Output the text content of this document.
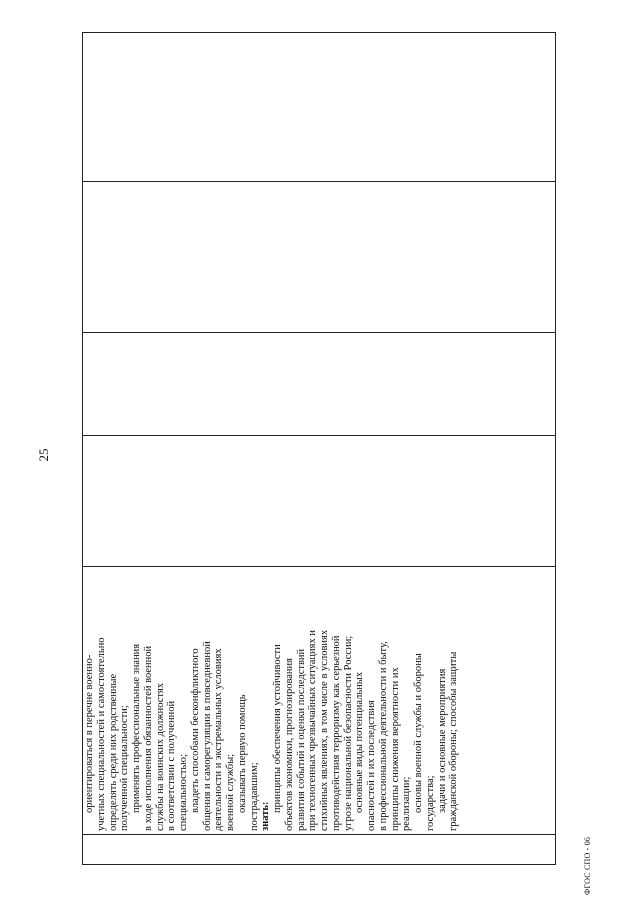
25

ориентироваться в перечне военно- учетных специальностей и самостоятельно определять среди них родственные полученной специальности; применять профессиональные знания в ходе исполнения обязанностей военной службы на воинских должностях в соответствии с полученной специальностью; владеть способами бесконфликтного общения и саморегуляции в повседневной деятельности и экстремальных условиях военной службы; оказывать первую помощь пострадавшим; знать:
принципы обеспечения устойчивости объектов экономики, прогнозирования развития событий и оценки последствий при техногенных чрезвычайных ситуациях и стихийных явлениях, в том числе в условиях противодействия терроризму как серьезной угрозе национальной безопасности России; основные виды потенциальных опасностей и их последствия в профессиональной деятельности и быту, принципы снижения вероятности их реализации; основы военной службы и обороны государства; задачи и основные мероприятия гражданской обороны; способы защиты

ФГОС СПО - 06
